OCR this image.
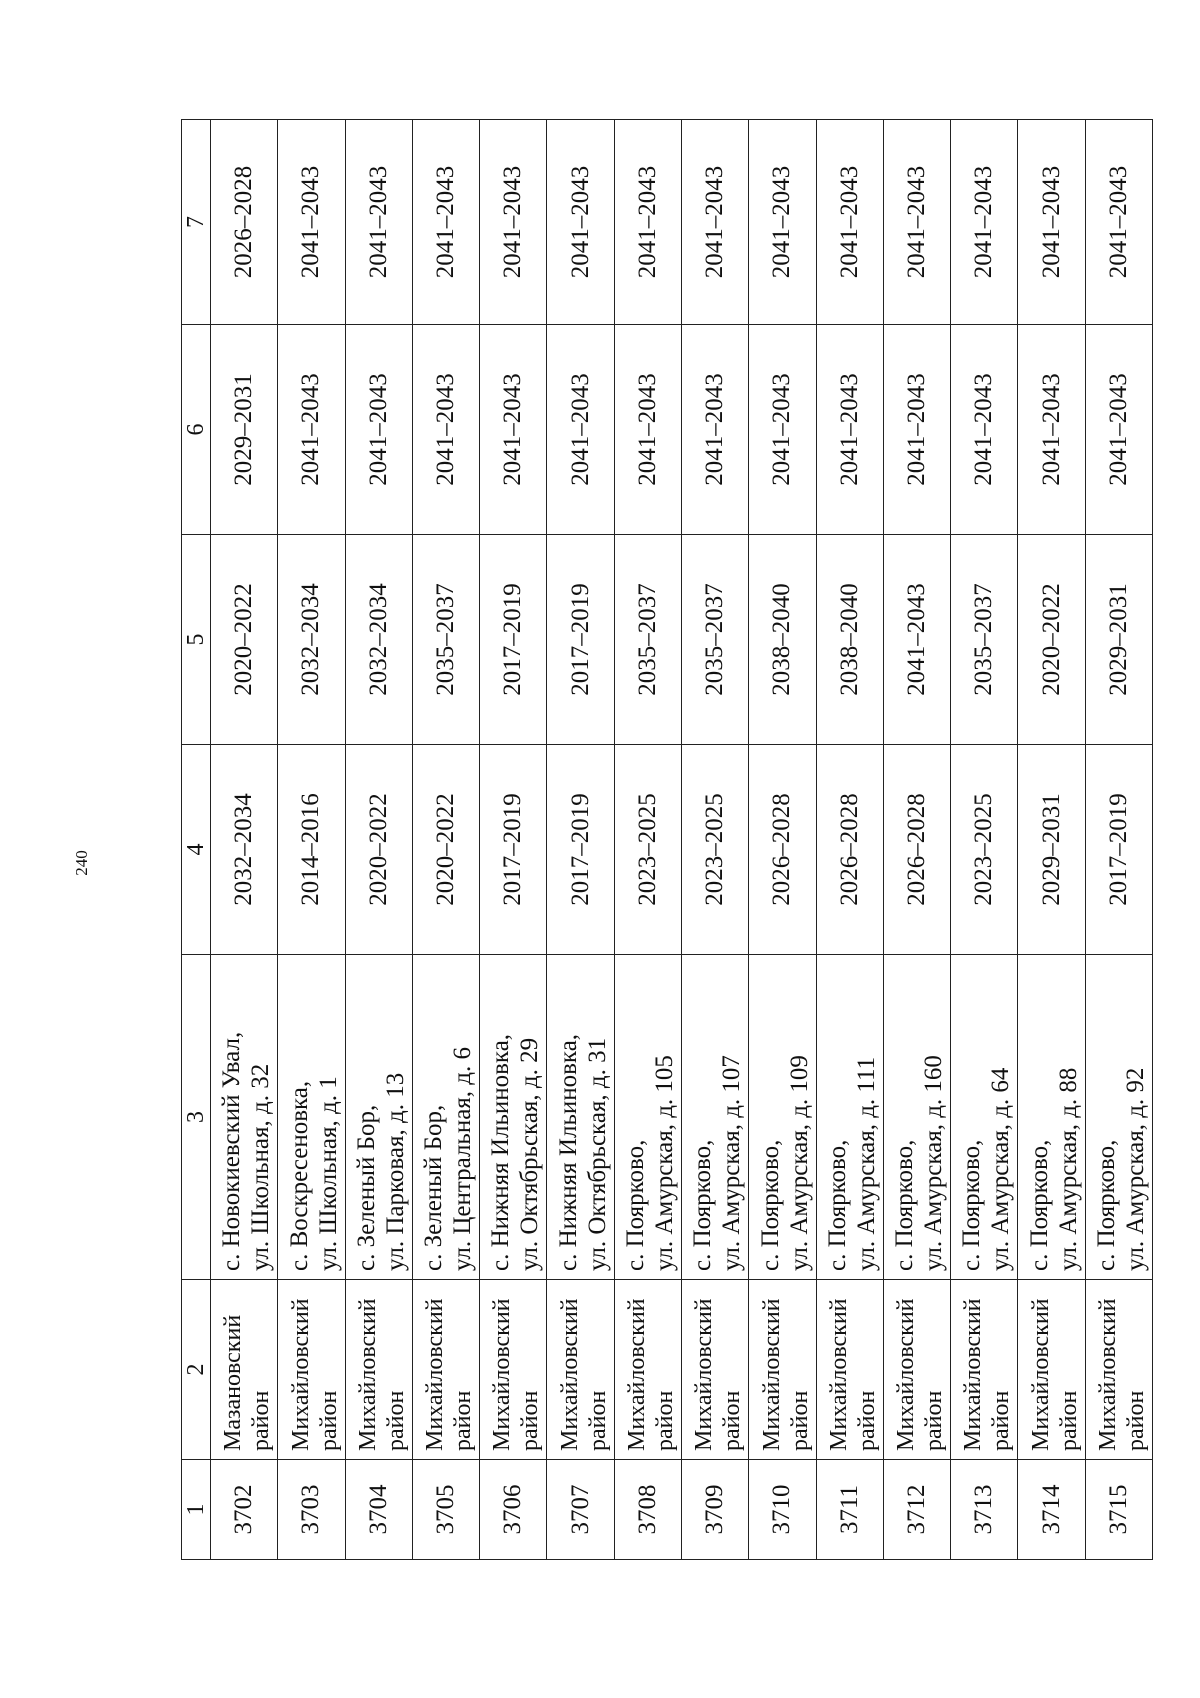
240
1	2	3	4	5	6	7
3702	Мазановский район	с. Новокиевский Увал, ул. Школьная, д. 32	2032–2034	2020–2022	2029–2031	2026–2028
3703	Михайловский район	с. Воскресеновка, ул. Школьная, д. 1	2014–2016	2032–2034	2041–2043	2041–2043
3704	Михайловский район	с. Зеленый Бор, ул. Парковая, д. 13	2020–2022	2032–2034	2041–2043	2041–2043
3705	Михайловский район	с. Зеленый Бор, ул. Центральная, д. 6	2020–2022	2035–2037	2041–2043	2041–2043
3706	Михайловский район	с. Нижняя Ильиновка, ул. Октябрьская, д. 29	2017–2019	2017–2019	2041–2043	2041–2043
3707	Михайловский район	с. Нижняя Ильиновка, ул. Октябрьская, д. 31	2017–2019	2017–2019	2041–2043	2041–2043
3708	Михайловский район	с. Поярково, ул. Амурская, д. 105	2023–2025	2035–2037	2041–2043	2041–2043
3709	Михайловский район	с. Поярково, ул. Амурская, д. 107	2023–2025	2035–2037	2041–2043	2041–2043
3710	Михайловский район	с. Поярково, ул. Амурская, д. 109	2026–2028	2038–2040	2041–2043	2041–2043
3711	Михайловский район	с. Поярково, ул. Амурская, д. 111	2026–2028	2038–2040	2041–2043	2041–2043
3712	Михайловский район	с. Поярково, ул. Амурская, д. 160	2026–2028	2041–2043	2041–2043	2041–2043
3713	Михайловский район	с. Поярково, ул. Амурская, д. 64	2023–2025	2035–2037	2041–2043	2041–2043
3714	Михайловский район	с. Поярково, ул. Амурская, д. 88	2029–2031	2020–2022	2041–2043	2041–2043
3715	Михайловский район	с. Поярково, ул. Амурская, д. 92	2017–2019	2029–2031	2041–2043	2041–2043
